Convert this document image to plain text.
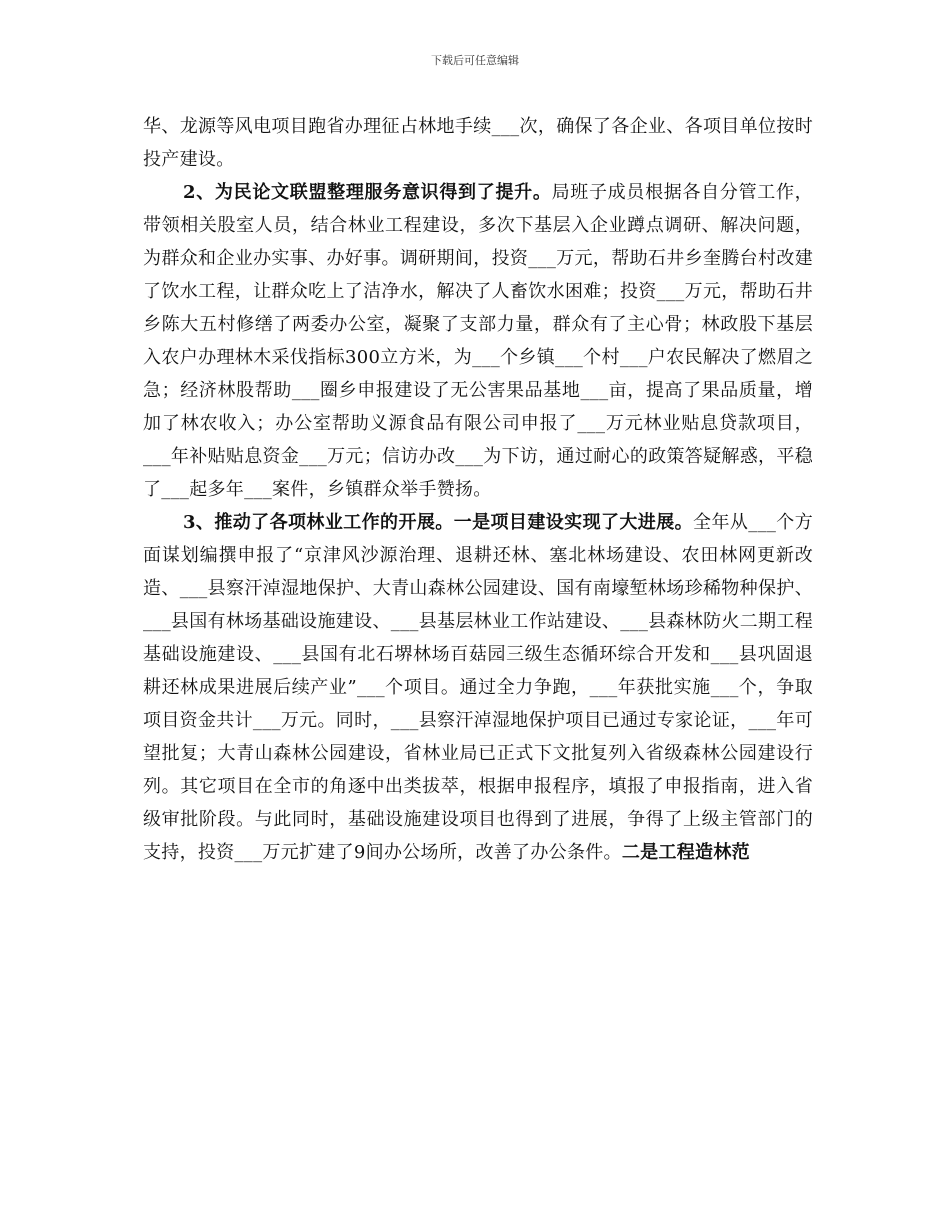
下载后可任意编辑

华、龙源等风电项目跑省办理征占林地手续___次，确保了各企业、各项目单位按时投产建设。

2、为民论文联盟整理服务意识得到了提升。局班子成员根据各自分管工作，带领相关股室人员，结合林业工程建设，多次下基层入企业蹲点调研、解决问题，为群众和企业办实事、办好事。调研期间，投资___万元，帮助石井乡奎腾台村改建了饮水工程，让群众吃上了洁净水，解决了人畜饮水困难；投资___万元，帮助石井乡陈大五村修缮了两委办公室，凝聚了支部力量，群众有了主心骨；林政股下基层入农户办理林木采伐指标300立方米，为___个乡镇___个村___户农民解决了燃眉之急；经济林股帮助___圈乡申报建设了无公害果品基地___亩，提高了果品质量，增加了林农收入；办公室帮助义源食品有限公司申报了___万元林业贴息贷款项目，___年补贴贴息资金___万元；信访办改___为下访，通过耐心的政策答疑解惑，平稳了___起多年___案件，乡镇群众举手赞扬。

3、推动了各项林业工作的开展。一是项目建设实现了大进展。全年从___个方面谋划编撰申报了“京津风沙源治理、退耕还林、塞北林场建设、农田林网更新改造、___县察汗淖湿地保护、大青山森林公园建设、国有南壕堑林场珍稀物种保护、___县国有林场基础设施建设、___县基层林业工作站建设、___县森林防火二期工程基础设施建设、___县国有北石堺林场百菇园三级生态循环综合开发和___县巩固退耕还林成果进展后续产业”___个项目。通过全力争跑，___年获批实施___个，争取项目资金共计___万元。同时，___县察汗淖湿地保护项目已通过专家论证，___年可望批复；大青山森林公园建设，省林业局已正式下文批复列入省级森林公园建设行列。其它项目在全市的角逐中出类拔萃，根据申报程序，填报了申报指南，进入省级审批阶段。与此同时，基础设施建设项目也得到了进展，争得了上级主管部门的支持，投资___万元扩建了9间办公场所，改善了办公条件。二是工程造林范
